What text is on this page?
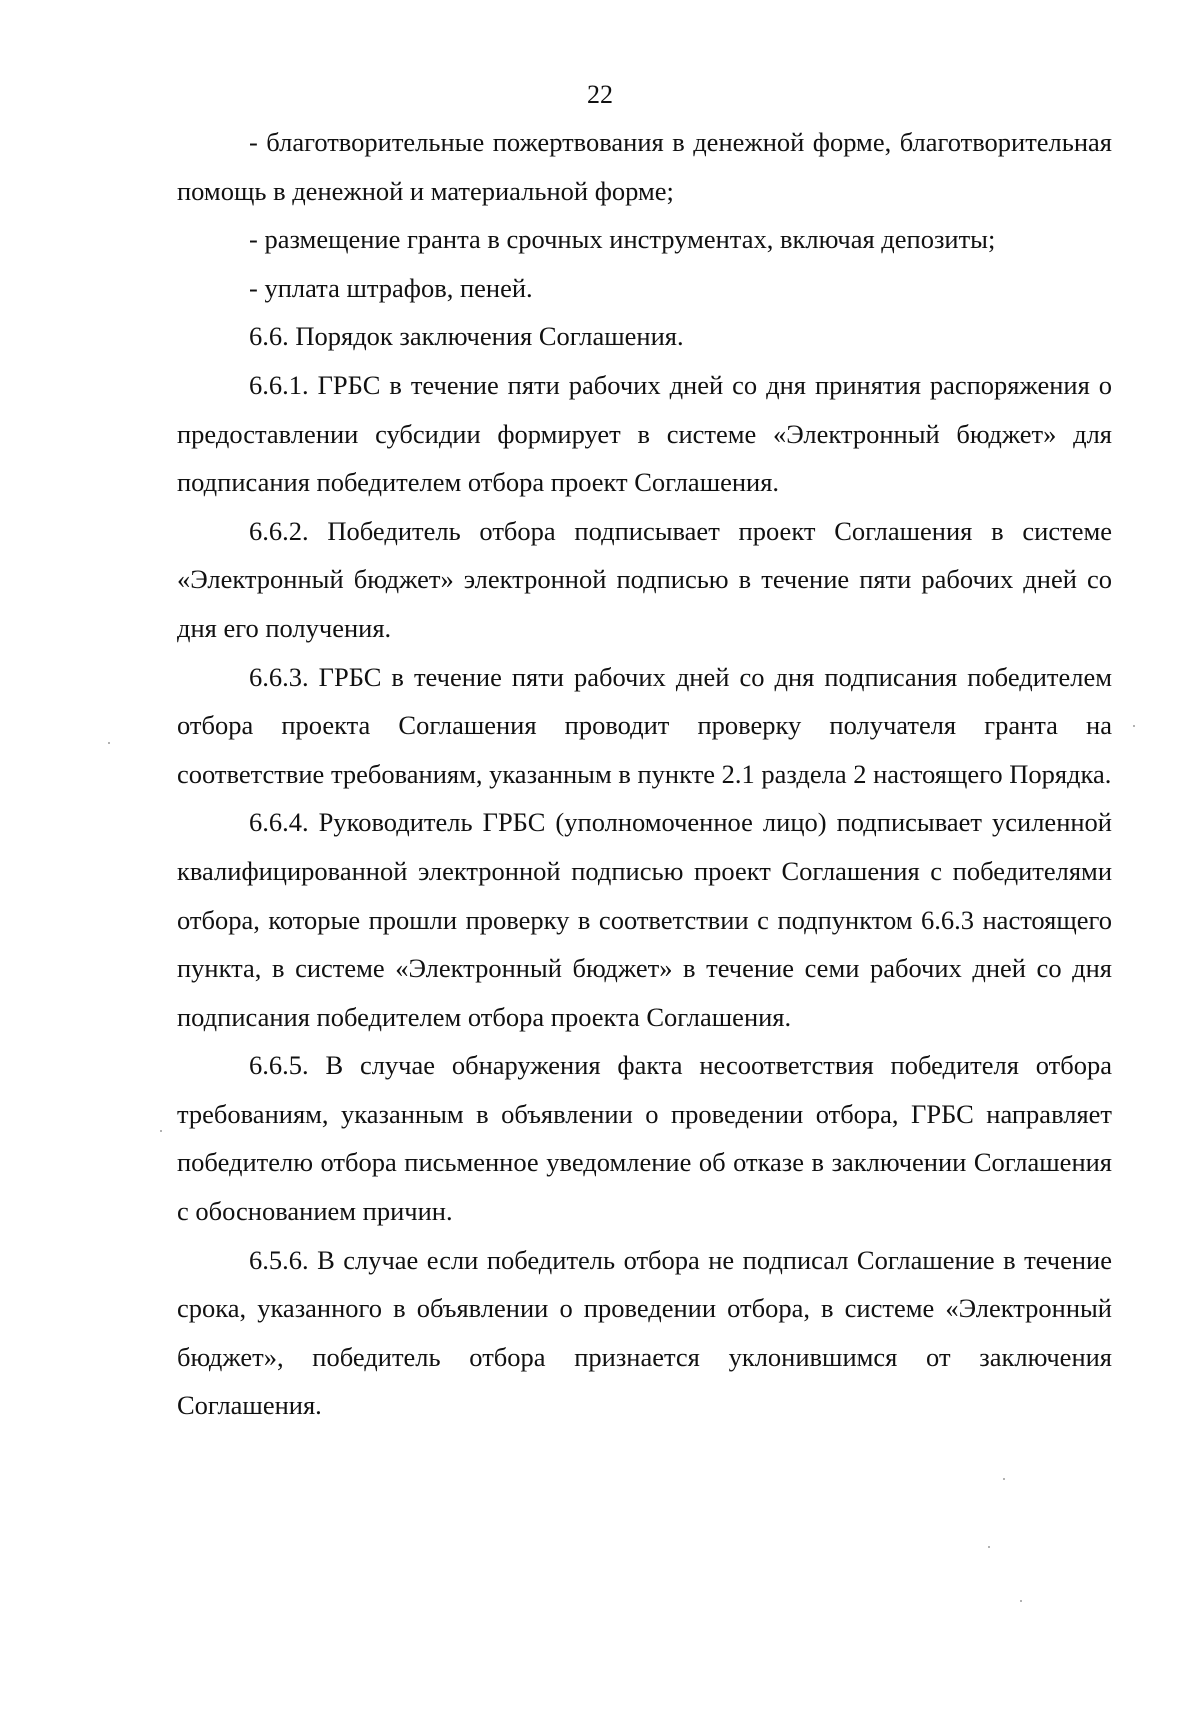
22

- благотворительные пожертвования в денежной форме, благотворительная помощь в денежной и материальной форме;

- размещение гранта в срочных инструментах, включая депозиты;

- уплата штрафов, пеней.

6.6. Порядок заключения Соглашения.

6.6.1. ГРБС в течение пяти рабочих дней со дня принятия распоряжения о предоставлении субсидии формирует в системе «Электронный бюджет» для подписания победителем отбора проект Соглашения.

6.6.2. Победитель отбора подписывает проект Соглашения в системе «Электронный бюджет» электронной подписью в течение пяти рабочих дней со дня его получения.

6.6.3. ГРБС в течение пяти рабочих дней со дня подписания победителем отбора проекта Соглашения проводит проверку получателя гранта на соответствие требованиям, указанным в пункте 2.1 раздела 2 настоящего Порядка.

6.6.4. Руководитель ГРБС (уполномоченное лицо) подписывает усиленной квалифицированной электронной подписью проект Соглашения с победителями отбора, которые прошли проверку в соответствии с подпунктом 6.6.3 настоящего пункта, в системе «Электронный бюджет» в течение семи рабочих дней со дня подписания победителем отбора проекта Соглашения.

6.6.5. В случае обнаружения факта несоответствия победителя отбора требованиям, указанным в объявлении о проведении отбора, ГРБС направляет победителю отбора письменное уведомление об отказе в заключении Соглашения с обоснованием причин.

6.5.6. В случае если победитель отбора не подписал Соглашение в течение срока, указанного в объявлении о проведении отбора, в системе «Электронный бюджет», победитель отбора признается уклонившимся от заключения Соглашения.
